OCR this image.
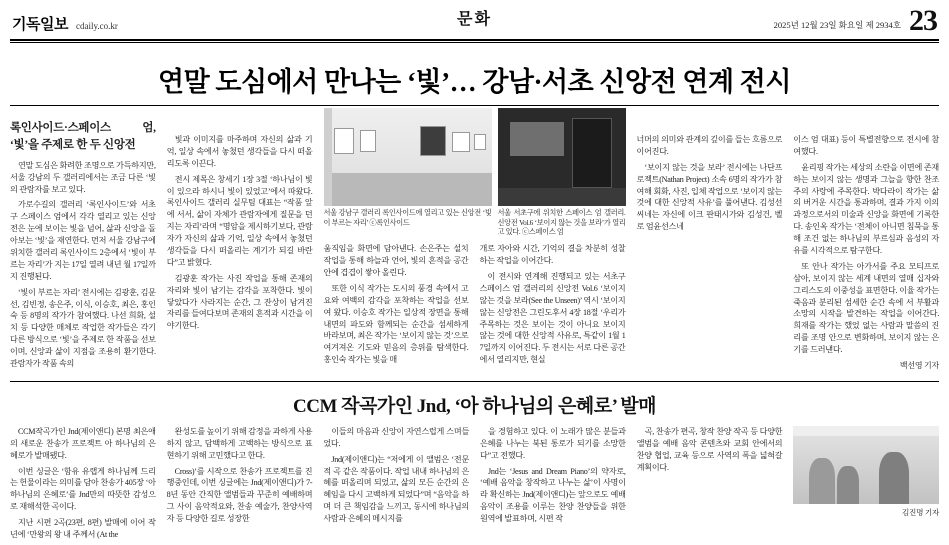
기독일보 cdaily.co.kr	문화	2025년 12월 23일 화요일 제 2934호 23
연말 도심에서 만나는 ‘빛’… 강남·서초 신앙전 연계 전시
록인사이드·스페이스 엄, ‘빛’을 주제로 한 두 신앙전

연말 도심은 화려한 조명으로 가득하지만, 서울 강남의 두 갤러리에서는 조금 다른 ‘빛의 관람자를 보고 있다.

가로수길의 갤러리 ‘록인사이드’와 서초구 스페이스 엄에서 각각 열리고 있는 신앙전은 눈에 보이는 빛을 넘어, 삶과 신앙을 돌아보는 ‘빛’을 재연한다. 먼저 서울 강남구에 위치한 갤러리 록인사이드 2층에서 ‘빛이 부르는 자리’가 지는 17일 열려 내년 월 17일까지 진행된다.

‘빛이 부르는 자리’ 전시에는 김광훈, 김문선, 김빈정, 송은주, 이식, 이승호, 최은, 홍인숙 등 8명의 작가가 참여했다. 나선 희화, 설치 등 다양한 매체로 작업한 작가들은 각기 다른 방식으로 ‘빛’을 주제로 한 작품을 선보이며, 신앙과 삶이 지점을 조용히 환기한다. 관람자가 작품 속의

빛과 이미지를 마주하며 자신의 삶과 기억, 일상 속에서 놓쳤던 생각들을 다시 떠올리도록 이끈다.

전시 제목은 창세기 1장 3절 ‘하나님이 빛이 있으라 하시니 빛이 있었고’에서 따왔다. 록인사이드 갤러리 실무팀 대표는 “작품 앞에 서서, 삶이 자체가 관람자에게 질문을 던지는 자리’라며 “명암을 제시하기보다, 관람자가 자신의 삶과 기억, 일상 속에서 놓쳤던 생각들을 다시 떠올리는 계기가 되길 바란다”고 밝혔다.

김광훈 작가는 사진 작업을 통해 존재의 자리와 빛이 남기는 감각을 포착한다. 빛이 닿았다가 사라지는 순간, 그 잔상이 남겨진 자리를 들여다보며 존재의 흔적과 시간을 이야기한다.

서울 강남구 갤러리 록인사이드에 열리고 있는 신앙전 ‘빛이 부르는 자리’ ⓒ록인사이드
서울 서초구에 위치한 스페이스 엄 갤러리. 신앙전 Vol.6 ‘보이지 않는 것을 보라’가 열리고 있다. ⓒ스페이스 엄

움직임을 화면에 담아낸다. 손은주는 설치 작업을 통해 하늘과 언어, 빛의 흔적을 공간 안에 겹겹이 쌓아 올린다.

또한 이식 작가는 도시의 풍경 속에서 고요와 여백의 감각을 포착하는 작업을 선보여 왔다. 이승호 작가는 일상적 장면을 통해 내면의 파도와 함께되는 순간을 섬세하게 바라보며, 최은 작가는 ‘보이지 않는 것’으로 여겨져온 기도와 믿음의 층위를 탐색한다. 홍인숙 작가는 빛을 매

개로 자아와 시간, 기억의 결을 차분히 성찰하는 작업을 이어간다.

이 전시와 연계해 진행되고 있는 서초구 스페이스 엄 갤러리의 신앙전 Vol.6 ‘보이지 않는 것을 보라(See the Unseen)’ 역시 ‘보이지 않는 신앙전은 그린도후서 4장 18절 ‘우리가 주목하는 것은 보이는 것이 아니요 보이지 않는 것에 대한 신앙적 사유로, 특같이 1월 17일까지 이어진다. 두 전시는 서로 다른 공간에서 열리지만, 현실

너머의 의미와 관계의 깊이를 들는 흐름으로 이어진다.

‘보이지 않는 것을 보라’ 전시에는 나단프로젝트(Nathan Project) 소속 6명의 작가가 참여해 회화, 사진, 입체 작업으로 ‘보이지 않는 것에 대한 신앙적 사유’를 풀어낸다. 김성선씨네는 자신에 이크 판태시가와 김성건, 벨로 엄윤선스네

이스 엄 대표) 등이 특별전향으로 전시에 참여했다.

윤리핑 작가는 세상의 소란을 이면에 존재하는 보이지 않는 생명과 그늘을 향한 찬조주의 사랑에 주목한다. 박다라이 작가는 삶의 버거운 시간을 통과하며, 결과 가지 이의 과정으로서의 미술과 신앙을 화면에 기록한다. 송인옥 작가는 ‘전체이 아니면 침묵을 통해 조건 없는 하나님의 부르심과 음성의 자유를 시각적으로 탐구한다.

또 안나 작가는 아가서를 주요 모티프로 삼아, 보이지 않는 세계 내면의 열매 십자와 그리스도의 이중성을 표면한다. 이율 작가는 죽음과 분리된 섬세한 순간 속에 서 부활과 소망의 시작을 발견하는 작업을 이어간다. 희재를 작가는 했었 없는 사람과 말씀의 진리를 조명 안으로 변화하며, 보이지 않는 은기를 드러낸다.

백선영 기자
CCM 작곡가인 Jnd, ‘아 하나님의 은혜로’ 발매

CCM작곡가인 Jnd(제이앤디) 본명 최은애의 새로운 찬송가 프로젝트 아 하나님의 은혜로가 발매됐다.

이번 싱글은 ‘함유 유랩게 하나님께 드리는 헌물이라는 의미를 담아 찬송가 405장 ‘아 하나님의 은혜로’를 Jnd만의 따뜻한 감성으로 재해석한 곡이다.

지난 시편 2곡(23편, 8편) 발매에 이어 작년에 ‘만왕의 왕 내 주께서 (At the

완성도를 높이기 위해 감정을 과하게 사용하지 않고, 담백하게 고백하는 방식으로 표현하기 위해 고민했다고 한다.

Cross)’를 시작으로 찬송가 프로젝트를 진행중인데, 이번 싱글에는 Jnd(제이앤디)가 7-8년 동안 간직한 앨범들과 꾸준히 예배하며 그 사이 음악적요와, 찬송 예술가, 찬양사역자 등 다양한 길로 성장한

이들의 마음과 신앙이 자연스럽게 스며들었다.

Jnd(제이앤디)는 “저에게 이 앨범은 ‘전문적 곡 같은 작품이다. 작업 내내 하나님의 은혜를 떠올리며 되었고, 삶의 모든 순간의 은혜임을 다시 고백하게 되었다”며 “음악을 하며 더 큰 책임감을 느끼고, 동시에 하나님의 사람과 은혜의 메시지를

을 경험하고 있다. 이 노래가 많은 분들과 은혜를 나누는 북된 통로가 되기를 소망한다”고 전했다.

Jnd는 ‘Jesus and Dream Piano’의 약자로, ‘예배 음악을 창작하고 나누는 삶’이 사명이라 확신하는 Jnd(제이앤디)는 앞으로도 예배 음악이 조용를 이루는 찬양 찬양들을 위한 원역에 발표하며, 시편 작

곡, 찬송가 편곡, 창작 찬양 작곡 등 다양한 앨범을 예배 음악 콘텐츠와 교회 안에서의 찬양 협업, 교육 등으로 사역의 폭을 넓혀갈 계획이다.

김진명 기자
